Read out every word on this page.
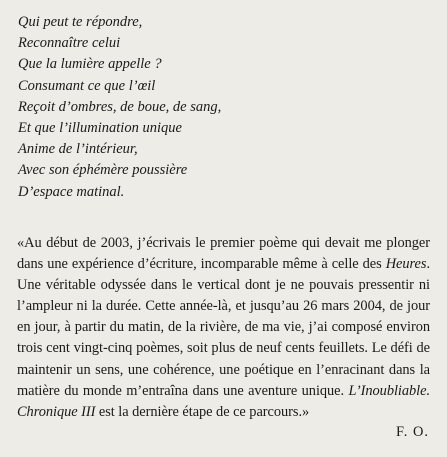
Qui peut te répondre,
Reconnaître celui
Que la lumière appelle ?
Consumant ce que l’œil
Reçoit d’ombres, de boue, de sang,
Et que l’illumination unique
Anime de l’intérieur,
Avec son éphémère poussière
D’espace matinal.

«Au début de 2003, j’écrivais le premier poème qui devait me plonger dans une expérience d’écriture, incomparable même à celle des Heures. Une véritable odyssée dans le vertical dont je ne pouvais pressentir ni l’ampleur ni la durée. Cette année-là, et jusqu’au 26 mars 2004, de jour en jour, à partir du matin, de la rivière, de ma vie, j’ai composé environ trois cent vingt-cinq poèmes, soit plus de neuf cents feuillets. Le défi de maintenir un sens, une cohérence, une poétique en l’enracinant dans la matière du monde m’entraîna dans une aventure unique. L’Inoubliable. Chronique III est la dernière étape de ce parcours.»

F. O.
